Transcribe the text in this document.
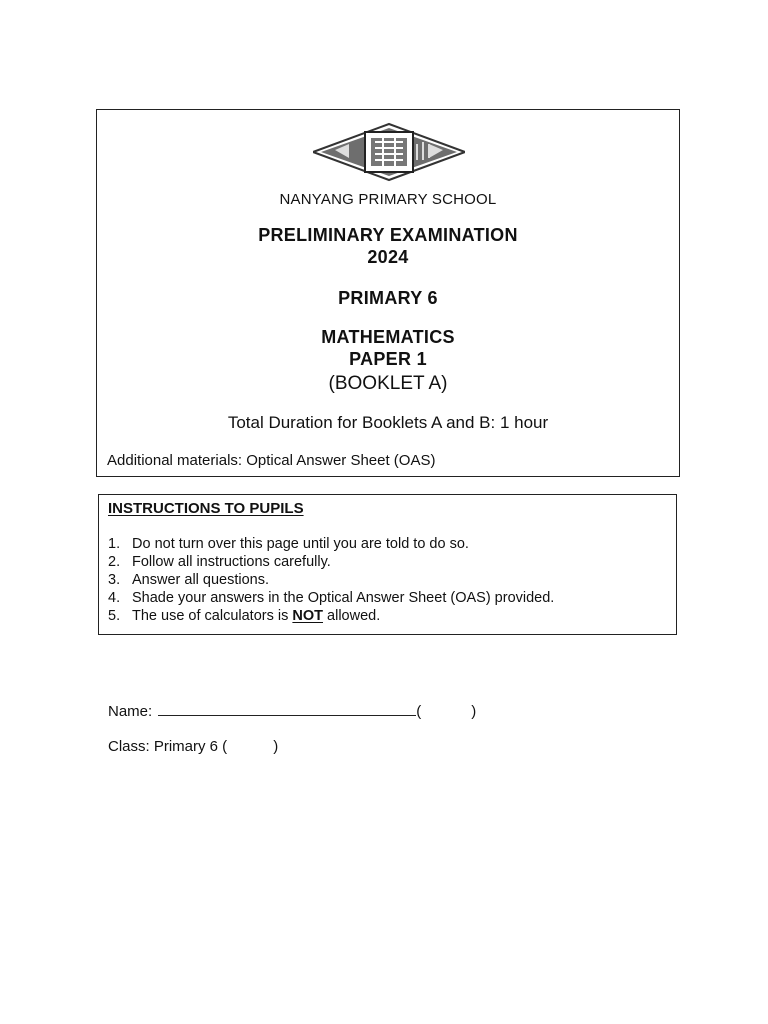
NANYANG PRIMARY SCHOOL
PRELIMINARY EXAMINATION
2024
PRIMARY 6
MATHEMATICS
PAPER 1
(BOOKLET A)
Total Duration for Booklets A and B: 1 hour
Additional materials: Optical Answer Sheet (OAS)
INSTRUCTIONS TO PUPILS
1. Do not turn over this page until you are told to do so.
2. Follow all instructions carefully.
3. Answer all questions.
4. Shade your answers in the Optical Answer Sheet (OAS) provided.
5. The use of calculators is NOT allowed.
Name:	(	)
Class: Primary 6 (	)
